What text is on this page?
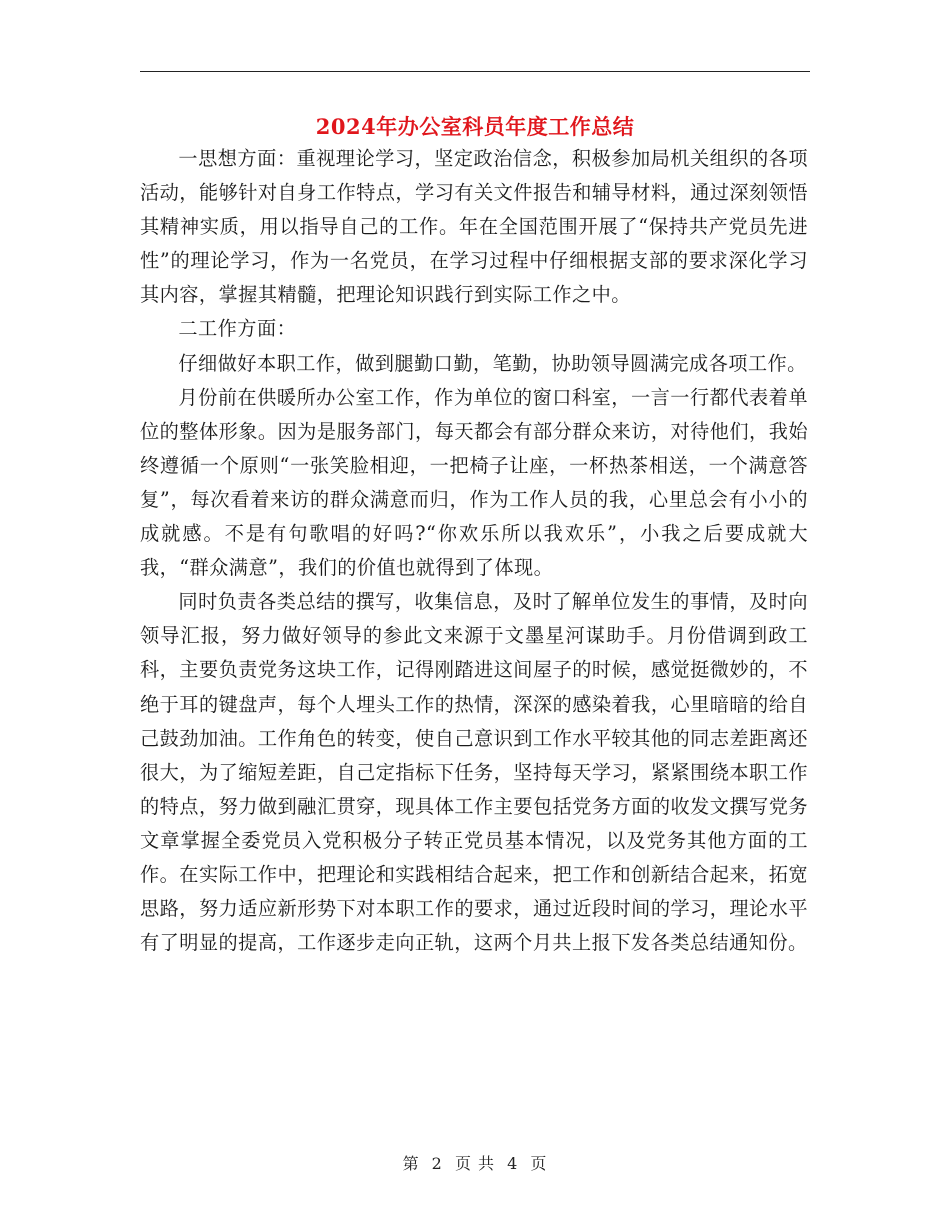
2024年办公室科员年度工作总结

一思想方面：重视理论学习，坚定政治信念，积极参加局机关组织的各项活动，能够针对自身工作特点，学习有关文件报告和辅导材料，通过深刻领悟其精神实质，用以指导自己的工作。年在全国范围开展了“保持共产党员先进性”的理论学习，作为一名党员，在学习过程中仔细根据支部的要求深化学习其内容，掌握其精髓，把理论知识践行到实际工作之中。

二工作方面：

仔细做好本职工作，做到腿勤口勤，笔勤，协助领导圆满完成各项工作。

月份前在供暖所办公室工作，作为单位的窗口科室，一言一行都代表着单位的整体形象。因为是服务部门，每天都会有部分群众来访，对待他们，我始终遵循一个原则“一张笑脸相迎，一把椅子让座，一杯热茶相送，一个满意答复”，每次看着来访的群众满意而归，作为工作人员的我，心里总会有小小的成就感。不是有句歌唱的好吗?“你欢乐所以我欢乐”，小我之后要成就大我，“群众满意”，我们的价值也就得到了体现。

同时负责各类总结的撰写，收集信息，及时了解单位发生的事情，及时向领导汇报，努力做好领导的参此文来源于文墨星河谋助手。月份借调到政工科，主要负责党务这块工作，记得刚踏进这间屋子的时候，感觉挺微妙的，不绝于耳的键盘声，每个人埋头工作的热情，深深的感染着我，心里暗暗的给自己鼓劲加油。工作角色的转变，使自己意识到工作水平较其他的同志差距离还很大，为了缩短差距，自己定指标下任务，坚持每天学习，紧紧围绕本职工作的特点，努力做到融汇贯穿，现具体工作主要包括党务方面的收发文撰写党务文章掌握全委党员入党积极分子转正党员基本情况，以及党务其他方面的工作。在实际工作中，把理论和实践相结合起来，把工作和创新结合起来，拓宽思路，努力适应新形势下对本职工作的要求，通过近段时间的学习，理论水平有了明显的提高，工作逐步走向正轨，这两个月共上报下发各类总结通知份。

第 2 页 共 4 页
